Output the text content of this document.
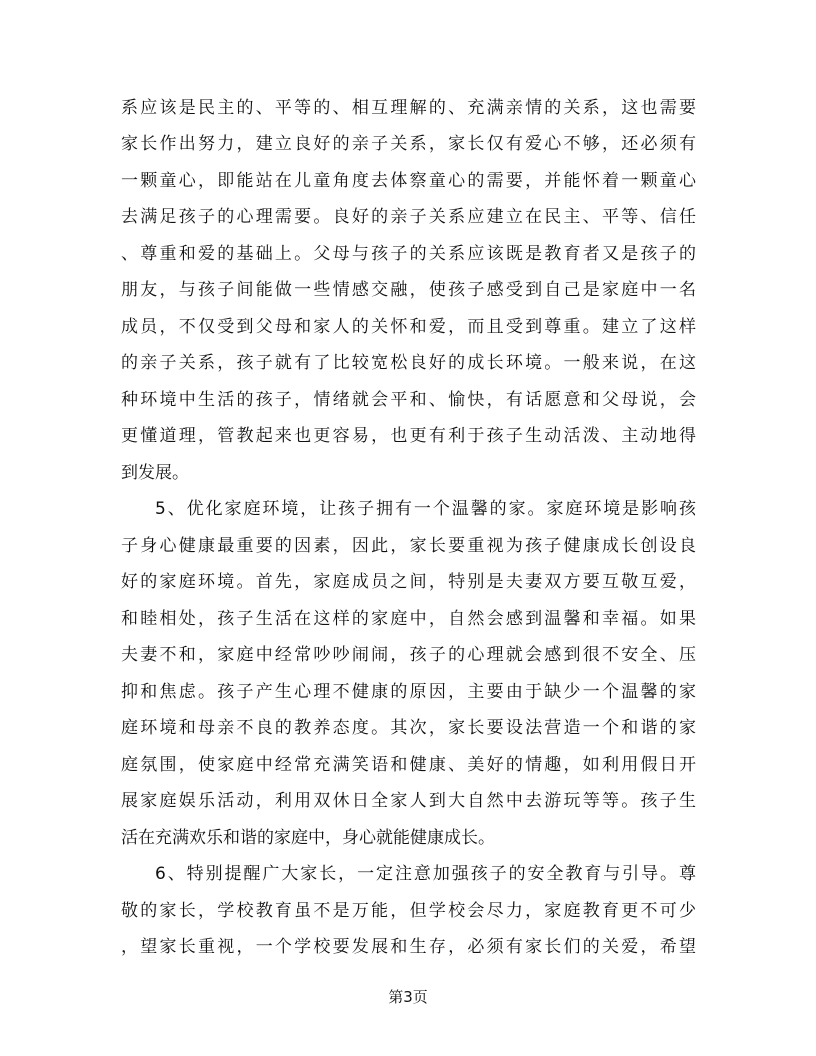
系应该是民主的、平等的、相互理解的、充满亲情的关系，这也需要
家长作出努力，建立良好的亲子关系，家长仅有爱心不够，还必须有
一颗童心，即能站在儿童角度去体察童心的需要，并能怀着一颗童心
去满足孩子的心理需要。良好的亲子关系应建立在民主、平等、信任
、尊重和爱的基础上。父母与孩子的关系应该既是教育者又是孩子的
朋友，与孩子间能做一些情感交融，使孩子感受到自己是家庭中一名
成员，不仅受到父母和家人的关怀和爱，而且受到尊重。建立了这样
的亲子关系，孩子就有了比较宽松良好的成长环境。一般来说，在这
种环境中生活的孩子，情绪就会平和、愉快，有话愿意和父母说，会
更懂道理，管教起来也更容易，也更有利于孩子生动活泼、主动地得
到发展。
5、优化家庭环境，让孩子拥有一个温馨的家。家庭环境是影响孩
子身心健康最重要的因素，因此，家长要重视为孩子健康成长创设良
好的家庭环境。首先，家庭成员之间，特别是夫妻双方要互敬互爱，
和睦相处，孩子生活在这样的家庭中，自然会感到温馨和幸福。如果
夫妻不和，家庭中经常吵吵闹闹，孩子的心理就会感到很不安全、压
抑和焦虑。孩子产生心理不健康的原因，主要由于缺少一个温馨的家
庭环境和母亲不良的教养态度。其次，家长要设法营造一个和谐的家
庭氛围，使家庭中经常充满笑语和健康、美好的情趣，如利用假日开
展家庭娱乐活动，利用双休日全家人到大自然中去游玩等等。孩子生
活在充满欢乐和谐的家庭中，身心就能健康成长。
6、特别提醒广大家长，一定注意加强孩子的安全教育与引导。尊
敬的家长，学校教育虽不是万能，但学校会尽力，家庭教育更不可少
，望家长重视，一个学校要发展和生存，必须有家长们的关爱，希望
第3页
